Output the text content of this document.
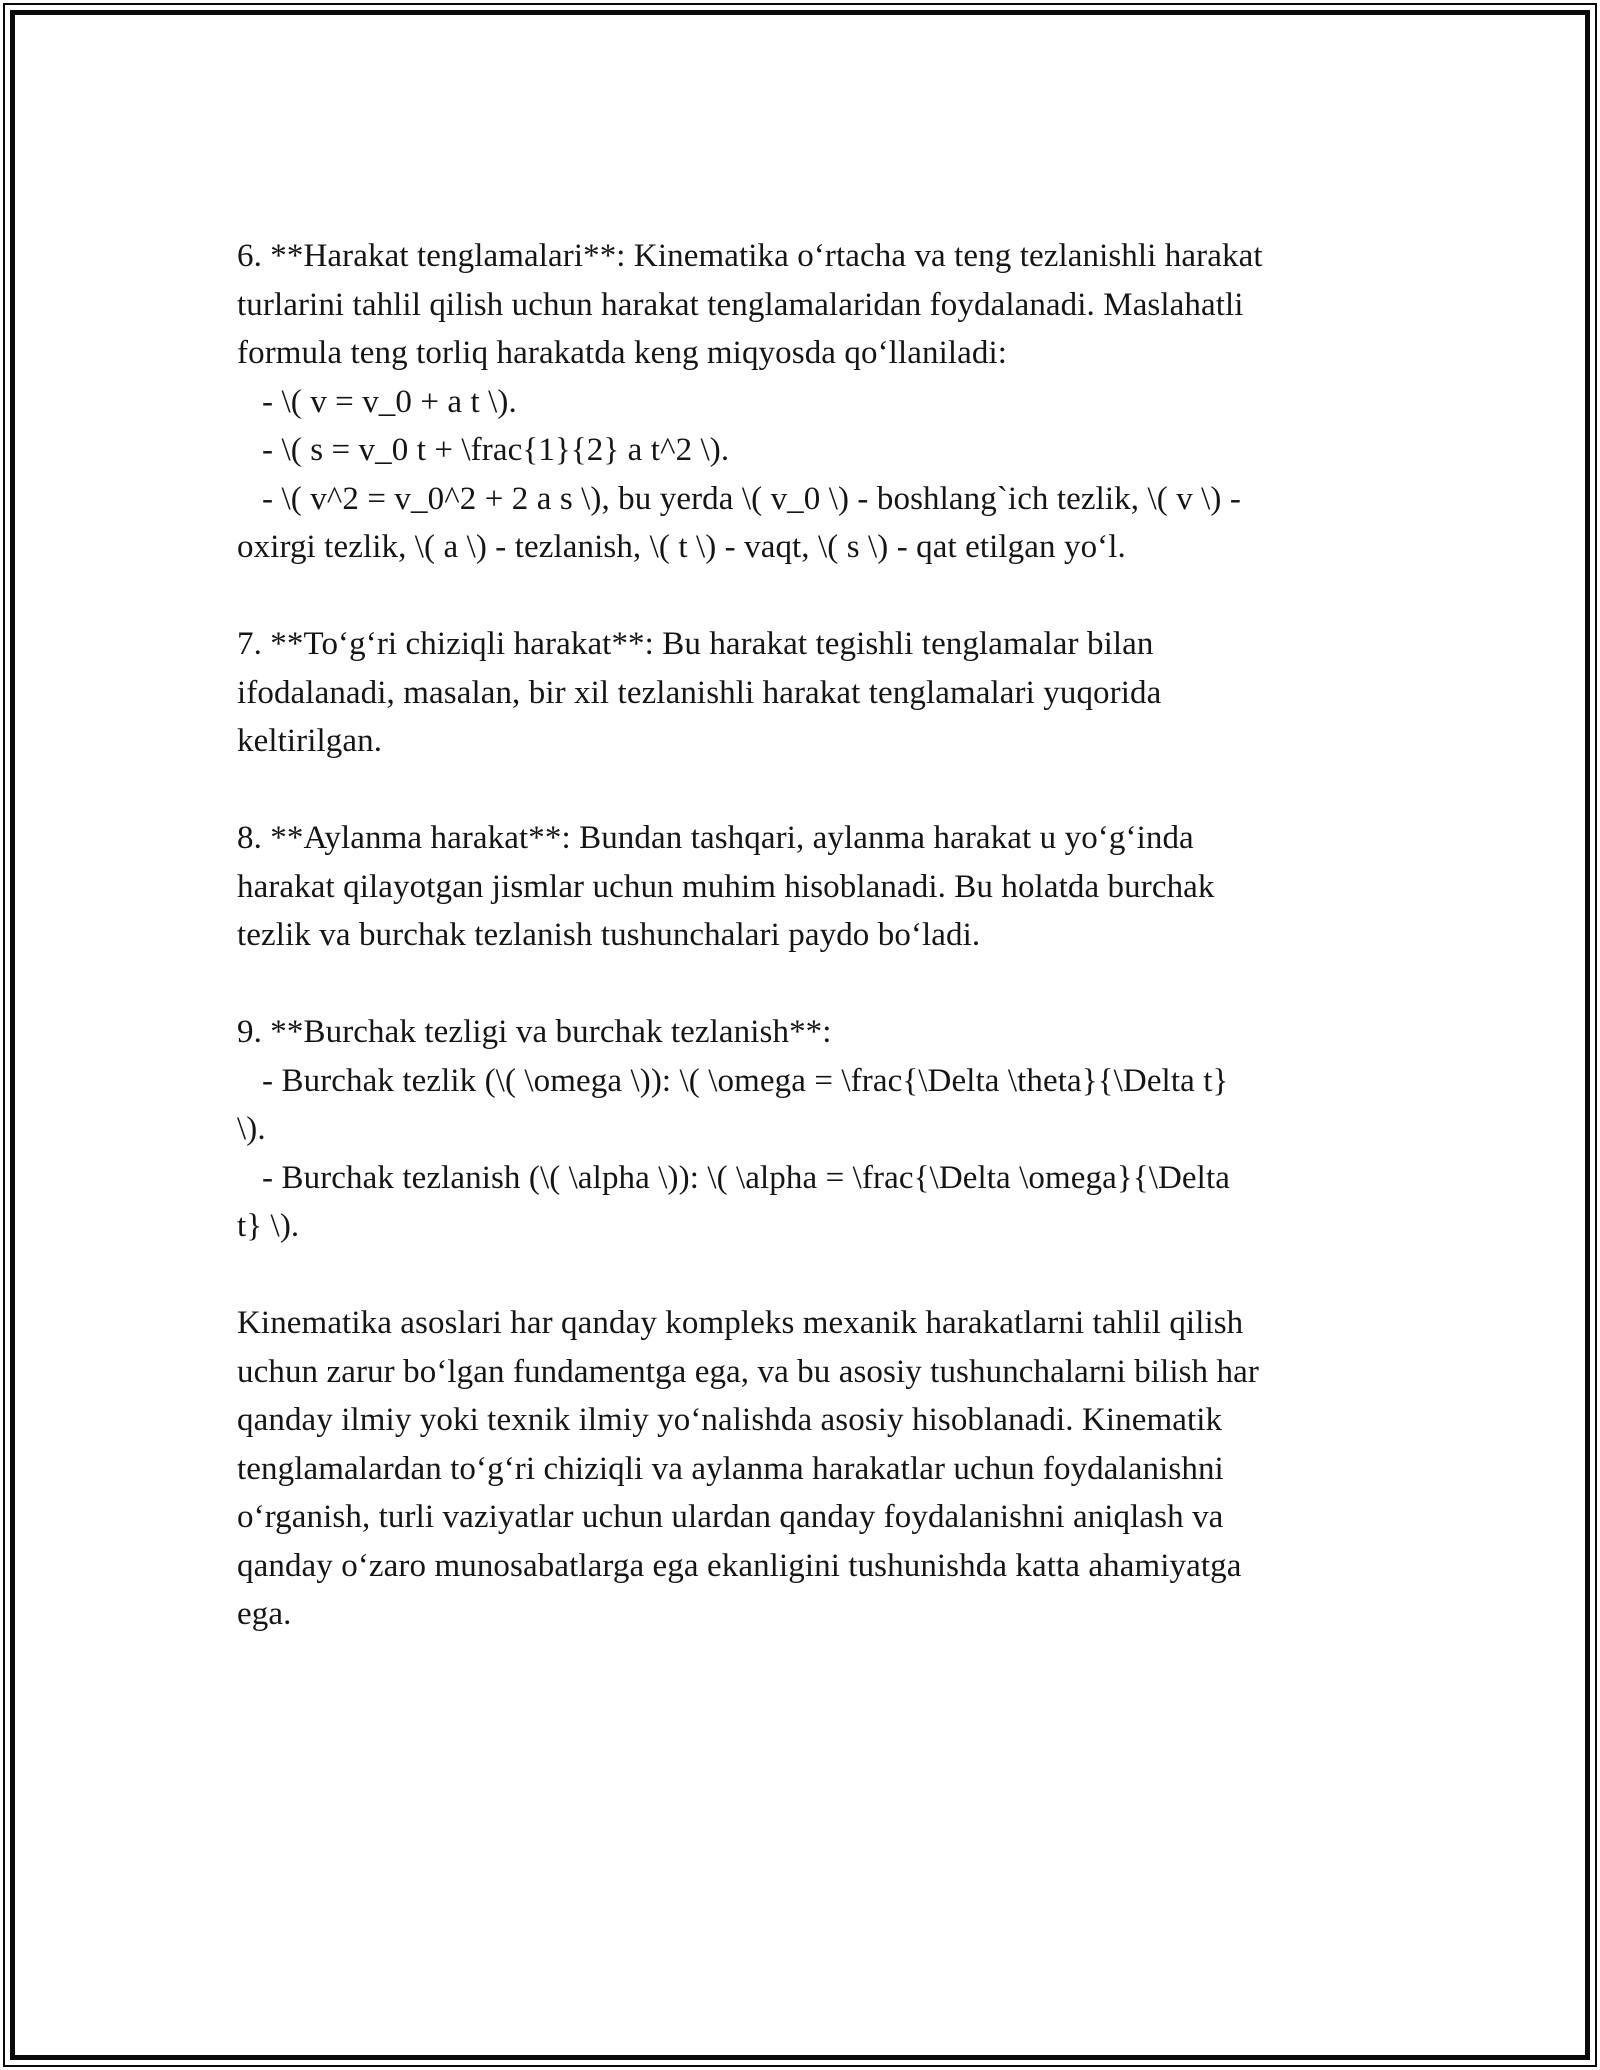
6. **Harakat tenglamalari**: Kinematika o‘rtacha va teng tezlanishli harakat
turlarini tahlil qilish uchun harakat tenglamalaridan foydalanadi. Maslahatli
formula teng torliq harakatda keng miqyosda qo‘llaniladi:
- \( v = v_0 + a t \).
- \( s = v_0 t + \frac{1}{2} a t^2 \).
- \( v^2 = v_0^2 + 2 a s \), bu yerda \( v_0 \) - boshlang`ich tezlik, \( v \) -
oxirgi tezlik, \( a \) - tezlanish, \( t \) - vaqt, \( s \) - qat etilgan yo‘l.
7. **To‘g‘ri chiziqli harakat**: Bu harakat tegishli tenglamalar bilan
ifodalanadi, masalan, bir xil tezlanishli harakat tenglamalari yuqorida
keltirilgan.
8. **Aylanma harakat**: Bundan tashqari, aylanma harakat u yo‘g‘inda
harakat qilayotgan jismlar uchun muhim hisoblanadi. Bu holatda burchak
tezlik va burchak tezlanish tushunchalari paydo bo‘ladi.
9. **Burchak tezligi va burchak tezlanish**:
- Burchak tezlik (\( \omega \)): \( \omega = \frac{\Delta \theta}{\Delta t}
\).
- Burchak tezlanish (\( \alpha \)): \( \alpha = \frac{\Delta \omega}{\Delta
t} \).
Kinematika asoslari har qanday kompleks mexanik harakatlarni tahlil qilish
uchun zarur bo‘lgan fundamentga ega, va bu asosiy tushunchalarni bilish har
qanday ilmiy yoki texnik ilmiy yo‘nalishda asosiy hisoblanadi. Kinematik
tenglamalardan to‘g‘ri chiziqli va aylanma harakatlar uchun foydalanishni
o‘rganish, turli vaziyatlar uchun ulardan qanday foydalanishni aniqlash va
qanday o‘zaro munosabatlarga ega ekanligini tushunishda katta ahamiyatga
ega.
